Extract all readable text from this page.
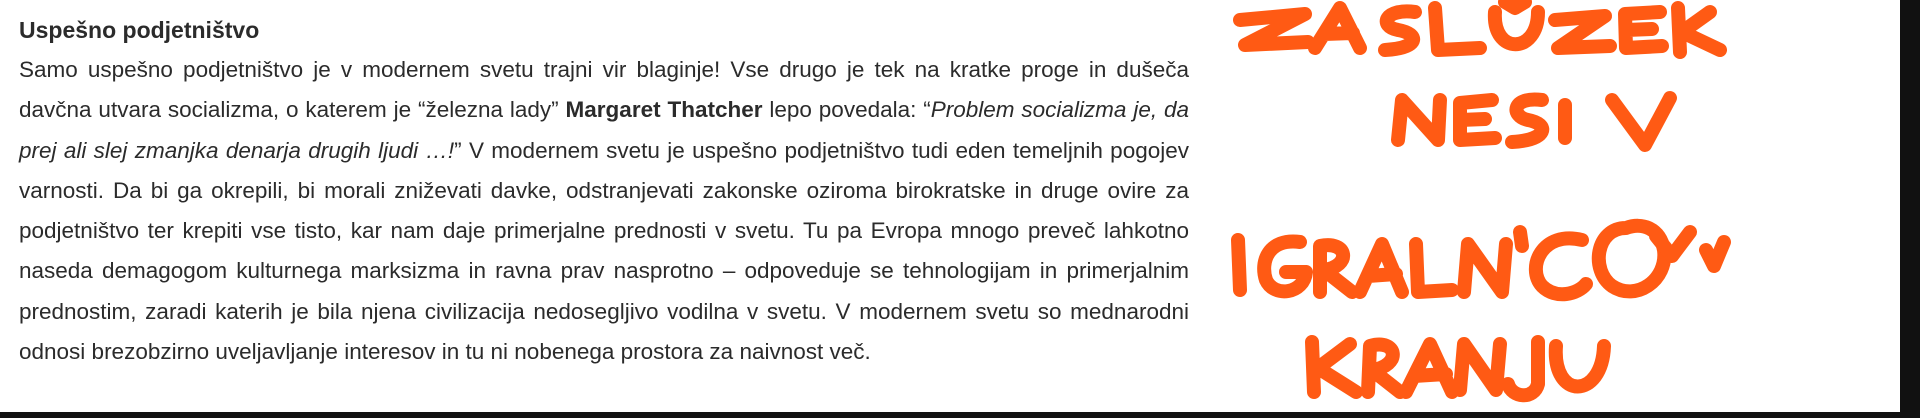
Uspešno podjetništvo

Samo uspešno podjetništvo je v modernem svetu trajni vir blaginje! Vse drugo je tek na kratke proge in dušeča davčna utvara socializma, o katerem je “železna lady” Margaret Thatcher lepo povedala: “Problem socializma je, da prej ali slej zmanjka denarja drugih ljudi …!” V modernem svetu je uspešno podjetništvo tudi eden temeljnih pogojev varnosti. Da bi ga okrepili, bi morali zniževati davke, odstranjevati zakonske oziroma birokratske in druge ovire za podjetništvo ter krepiti vse tisto, kar nam daje primerjalne prednosti v svetu. Tu pa Evropa mnogo preveč lahkotno naseda demagogom kulturnega marksizma in ravna prav nasprotno – odpoveduje se tehnologijam in primerjalnim prednostim, zaradi katerih je bila njena civilizacija nedosegljivo vodilna v svetu. V modernem svetu so mednarodni odnosi brezobzirno uveljavljanje interesov in tu ni nobenega prostora za naivnost več.
